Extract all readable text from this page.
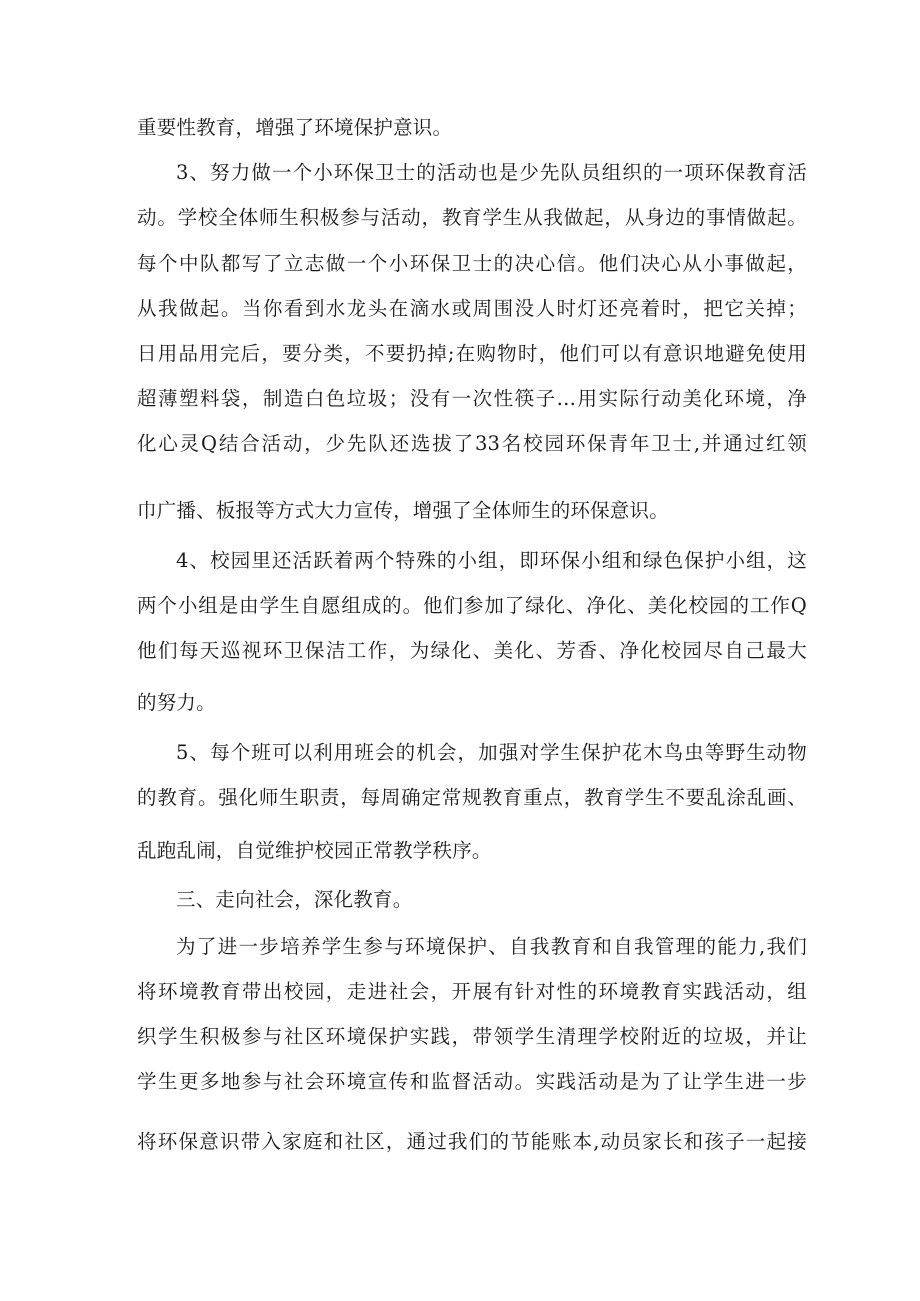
重要性教育，增强了环境保护意识。
3、努力做一个小环保卫士的活动也是少先队员组织的一项环保教育活
动。学校全体师生积极参与活动，教育学生从我做起，从身边的事情做起。
每个中队都写了立志做一个小环保卫士的决心信。他们决心从小事做起，
从我做起。当你看到水龙头在滴水或周围没人时灯还亮着时，把它关掉；
日用品用完后，要分类，不要扔掉;在购物时，他们可以有意识地避免使用
超薄塑料袋，制造白色垃圾；没有一次性筷子…用实际行动美化环境，净
化心灵Q结合活动，少先队还选拔了33名校园环保青年卫士,并通过红领
巾广播、板报等方式大力宣传，增强了全体师生的环保意识。
4、校园里还活跃着两个特殊的小组，即环保小组和绿色保护小组，这
两个小组是由学生自愿组成的。他们参加了绿化、净化、美化校园的工作Q
他们每天巡视环卫保洁工作，为绿化、美化、芳香、净化校园尽自己最大
的努力。
5、每个班可以利用班会的机会，加强对学生保护花木鸟虫等野生动物
的教育。强化师生职责，每周确定常规教育重点，教育学生不要乱涂乱画、
乱跑乱闹，自觉维护校园正常教学秩序。
三、走向社会，深化教育。
为了进一步培养学生参与环境保护、自我教育和自我管理的能力,我们
将环境教育带出校园，走进社会，开展有针对性的环境教育实践活动，组
织学生积极参与社区环境保护实践，带领学生清理学校附近的垃圾，并让
学生更多地参与社会环境宣传和监督活动。实践活动是为了让学生进一步
将环保意识带入家庭和社区，通过我们的节能账本,动员家长和孩子一起接
